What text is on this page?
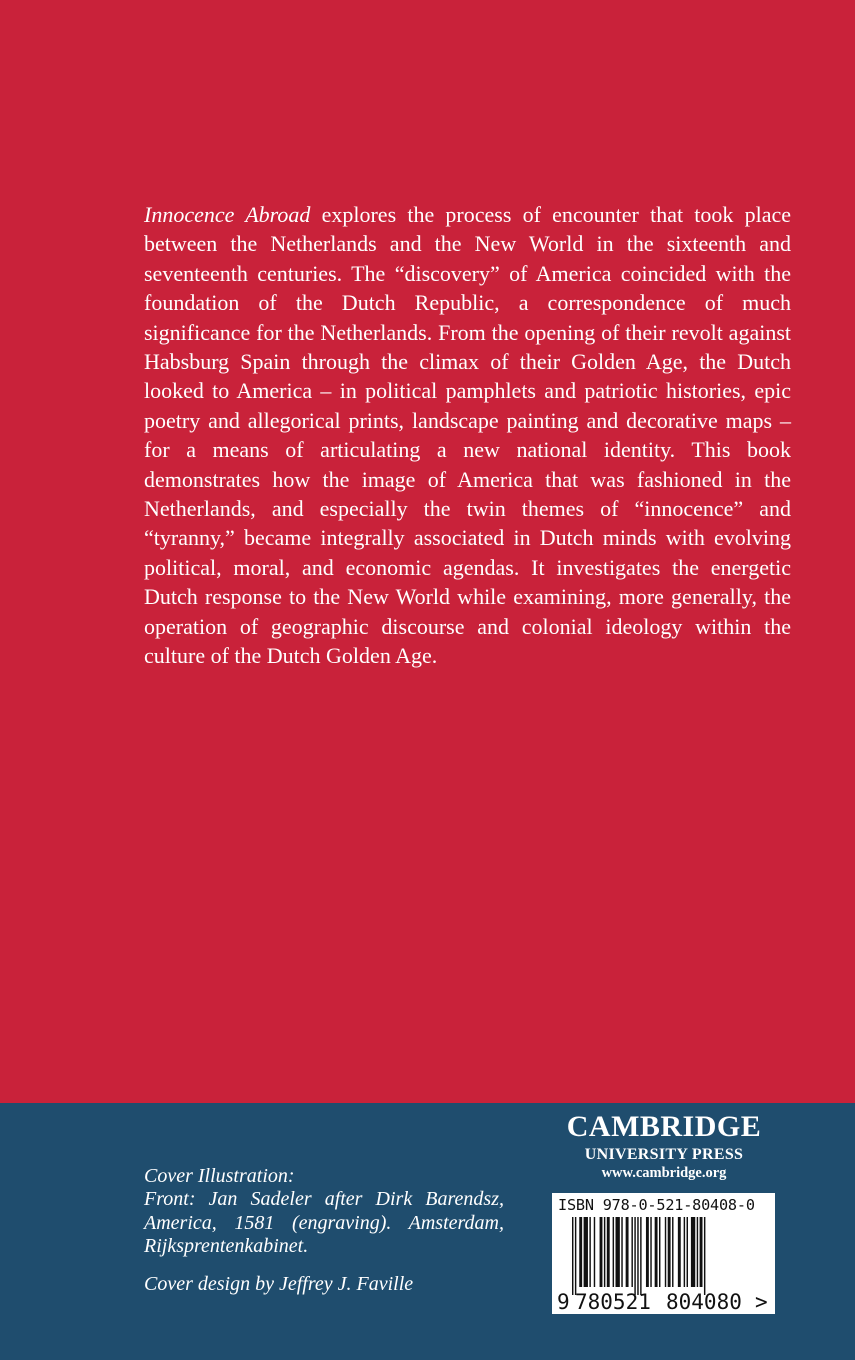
Innocence Abroad explores the process of encounter that took place between the Netherlands and the New World in the sixteenth and seventeenth centuries. The “discovery” of America coincided with the foundation of the Dutch Republic, a correspondence of much significance for the Netherlands. From the opening of their revolt against Habsburg Spain through the climax of their Golden Age, the Dutch looked to America – in political pamphlets and patriotic histories, epic poetry and allegorical prints, landscape painting and decorative maps – for a means of articulating a new national identity. This book demonstrates how the image of America that was fashioned in the Netherlands, and especially the twin themes of “innocence” and “tyranny,” became integrally associated in Dutch minds with evolving political, moral, and economic agendas. It investigates the energetic Dutch response to the New World while examining, more generally, the operation of geographic discourse and colonial ideology within the culture of the Dutch Golden Age.

Cover Illustration:

Front: Jan Sadeler after Dirk Barendsz, America, 1581 (engraving). Amsterdam, Rijksprentenkabinet.

Cover design by Jeffrey J. Faville

CAMBRIDGE
UNIVERSITY PRESS
www.cambridge.org
ISBN 978-0-521-80408-0
9 780521 804080 >
